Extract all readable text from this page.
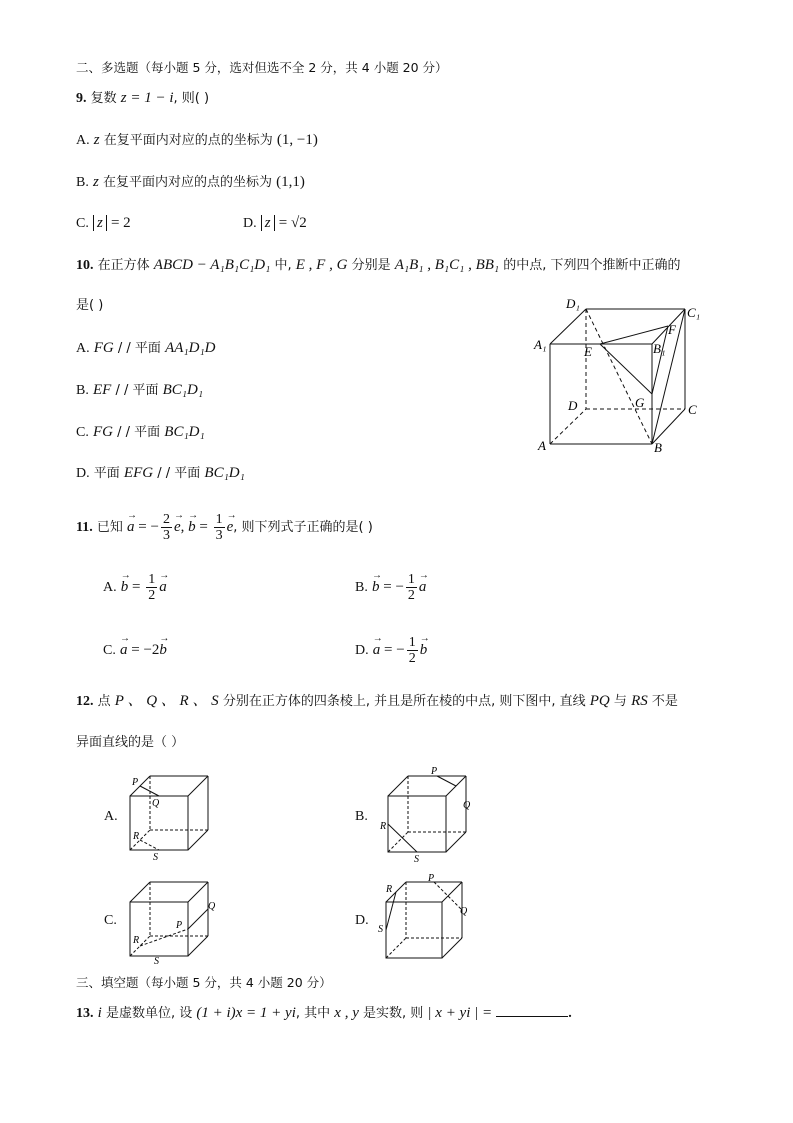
二、多选题（每小题 5 分，选对但选不全 2 分，共 4 小题 20 分）
9. 复数 z = 1 − i, 则( )
A. z 在复平面内对应的点的坐标为 (1, −1)
B. z 在复平面内对应的点的坐标为 (1,1)
C. z = 2	D. z = √2
10. 在正方体 ABCD − A₁B₁C₁D₁ 中, E , F , G 分别是 A₁B₁ , B₁C₁ , BB₁ 的中点, 下列四个推断中正确的
是( )
A. FG / / 平面 AA₁D₁D
B. EF / / 平面 BC₁D₁
C. FG / / 平面 BC₁D₁
D. 平面 EFG / / 平面 BC₁D₁
D₁
C₁
A₁	B₁
E
F
G
D	C
A	B
11. 已知 → a = − $\frac{2}{3}$
→ e, → $b = \frac{1}{3}$
→ e, 则下列式子正确的是( )
A. → $b = \frac{1}{2}$
→ a	B. → b = − $\frac{1}{2}$
→ a
C. → a = −2→ b	D. → a = − $\frac{1}{2}$
→ b
12. 点 P 、 Q 、 R 、 S 分别在正方体的四条棱上, 并且是所在棱的中点, 则下图中, 直线 PQ 与 RS 不是
异面直线的是（ ）
A.
P
Q
R
S
B.
P
Q
R
S
C.
Q
P
R
S
D.
R
P
Q
S
三、填空题（每小题 5 分，共 4 小题 20 分）
13. i 是虚数单位, 设 (1 + i)x = 1 + yi, 其中 x , y 是实数, 则 | x + yi | =	.
